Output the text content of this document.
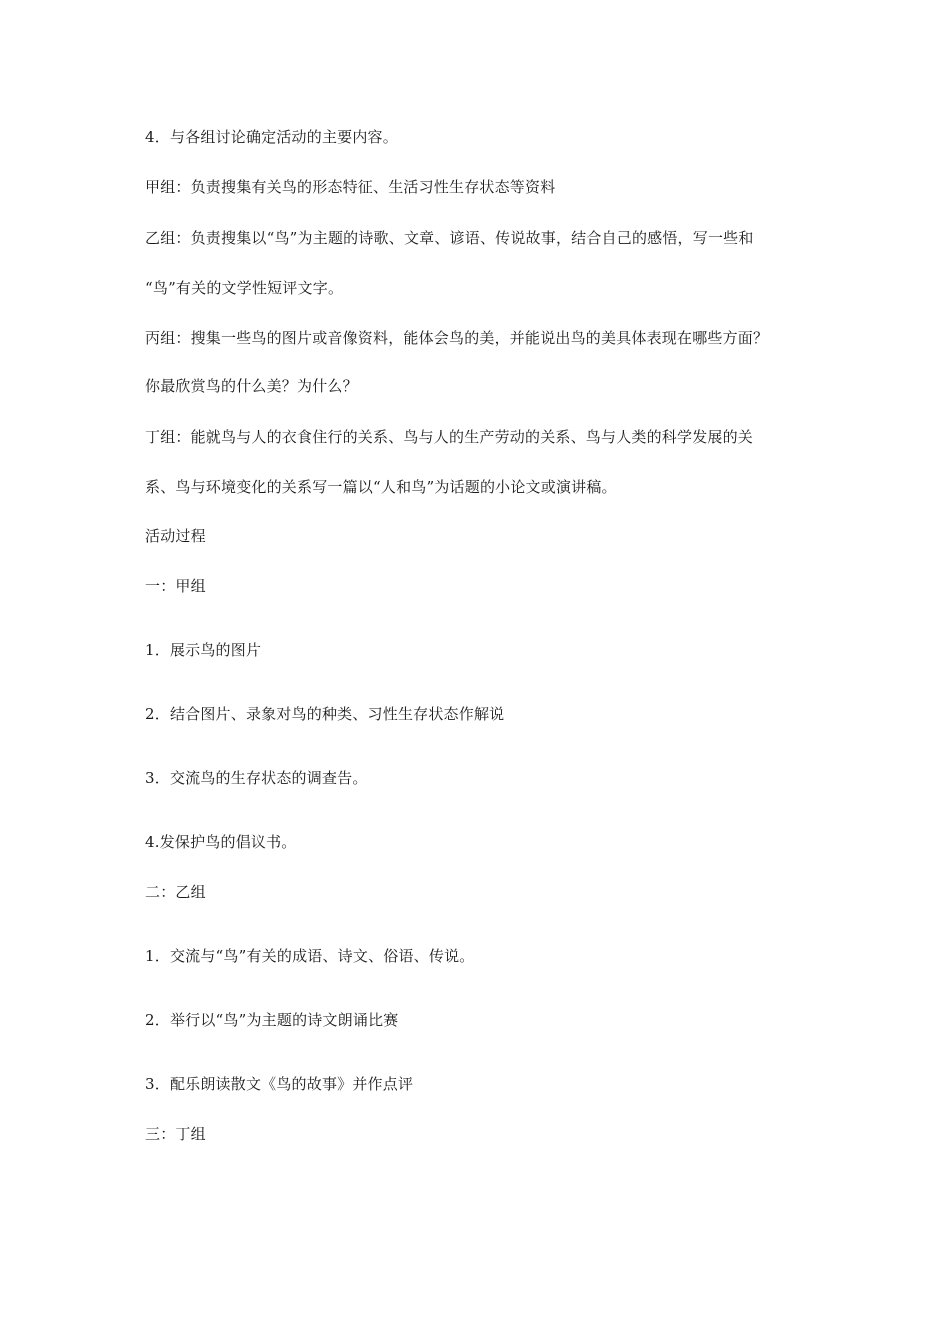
4．与各组讨论确定活动的主要内容。
甲组：负责搜集有关鸟的形态特征、生活习性生存状态等资料
乙组：负责搜集以“鸟”为主题的诗歌、文章、谚语、传说故事，结合自己的感悟，写一些和
“鸟”有关的文学性短评文字。
丙组：搜集一些鸟的图片或音像资料，能体会鸟的美，并能说出鸟的美具体表现在哪些方面？
你最欣赏鸟的什么美？为什么？
丁组：能就鸟与人的衣食住行的关系、鸟与人的生产劳动的关系、鸟与人类的科学发展的关
系、鸟与环境变化的关系写一篇以“人和鸟”为话题的小论文或演讲稿。
活动过程
一：甲组
1．展示鸟的图片
2．结合图片、录象对鸟的种类、习性生存状态作解说
3．交流鸟的生存状态的调查告。
4.发保护鸟的倡议书。
二：乙组
1．交流与“鸟”有关的成语、诗文、俗语、传说。
2．举行以“鸟”为主题的诗文朗诵比赛
3．配乐朗读散文《鸟的故事》并作点评
三：丁组
